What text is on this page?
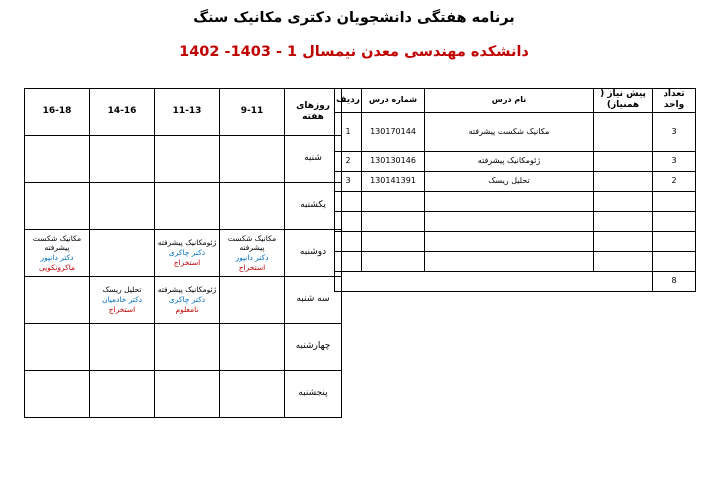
برنامه هفتگی دانشجویان دکتری مکانیک سنگ
دانشکده مهندسی معدن نیمسال 1 - 1403- 1402
تعداد واحد	پیش نیاز ( همنیاز)	نام درس	شماره درس	ردیف
3		مکانیک شکست پیشرفته	130170144	1
3		ژئومکانیک پیشرفته	130130146	2
2		تحلیل ریسک	130141391	3

8				
روزهای هفته	9-11	11-13	14-16	16-18
شنبه	

یکشنبه	

دوشنبه	مکانیک شکست پیشرفته
دکتر دانپور
استخراج	ژئومکانیک پیشرفته
دکتر چاکری
استخراج		مکانیک شکست پیشرفته
دکتر دانپور
ماکرونکویی

سه شنبه		ژئومکانیک پیشرفته
دکتر چاکری
نامعلوم	تحلیل ریسک
دکتر خادمیان
استخراج	

چهارشنبه	

پنجشنبه	
